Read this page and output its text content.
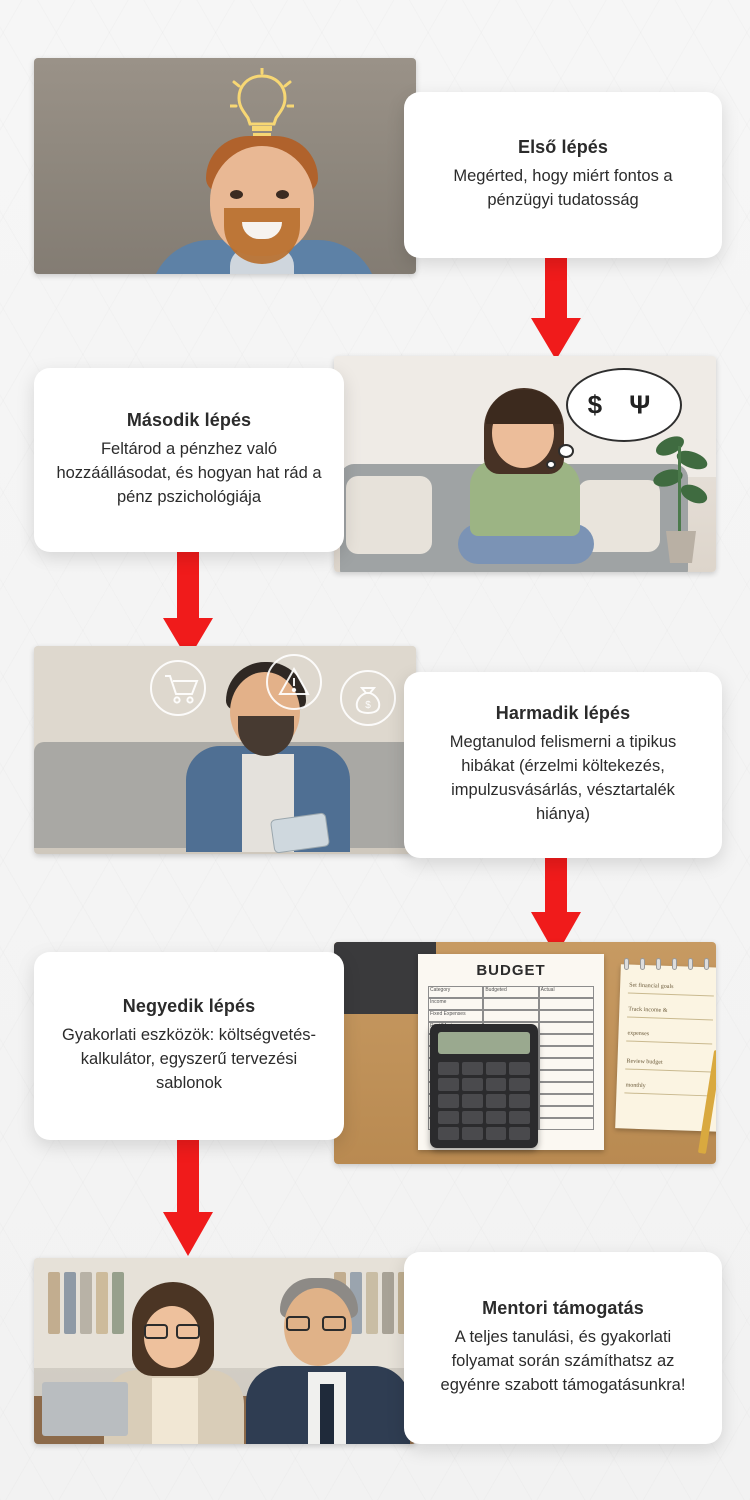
Első lépés
Megérted, hogy miért fontos a pénzügyi tudatosság
$ Ψ
Második lépés
Feltárod a pénzhez való hozzáállásodat, és hogyan hat rád a pénz pszichológiája
$	Harmadik lépés
Megtanulod felismerni a tipikus hibákat (érzelmi költekezés, impulzusvásárlás, vésztartalék hiánya)
BUDGET
Category	Budgeted	Actual
Income
Fixed Expenses
Set financial goals
Track income &
expenses
Review budget
monthly
Negyedik lépés
Gyakorlati eszközök: költségvetés-kalkulátor, egyszerű tervezési sablonok
Mentori támogatás
A teljes tanulási, és gyakorlati folyamat során számíthatsz az egyénre szabott támogatásunkra!
